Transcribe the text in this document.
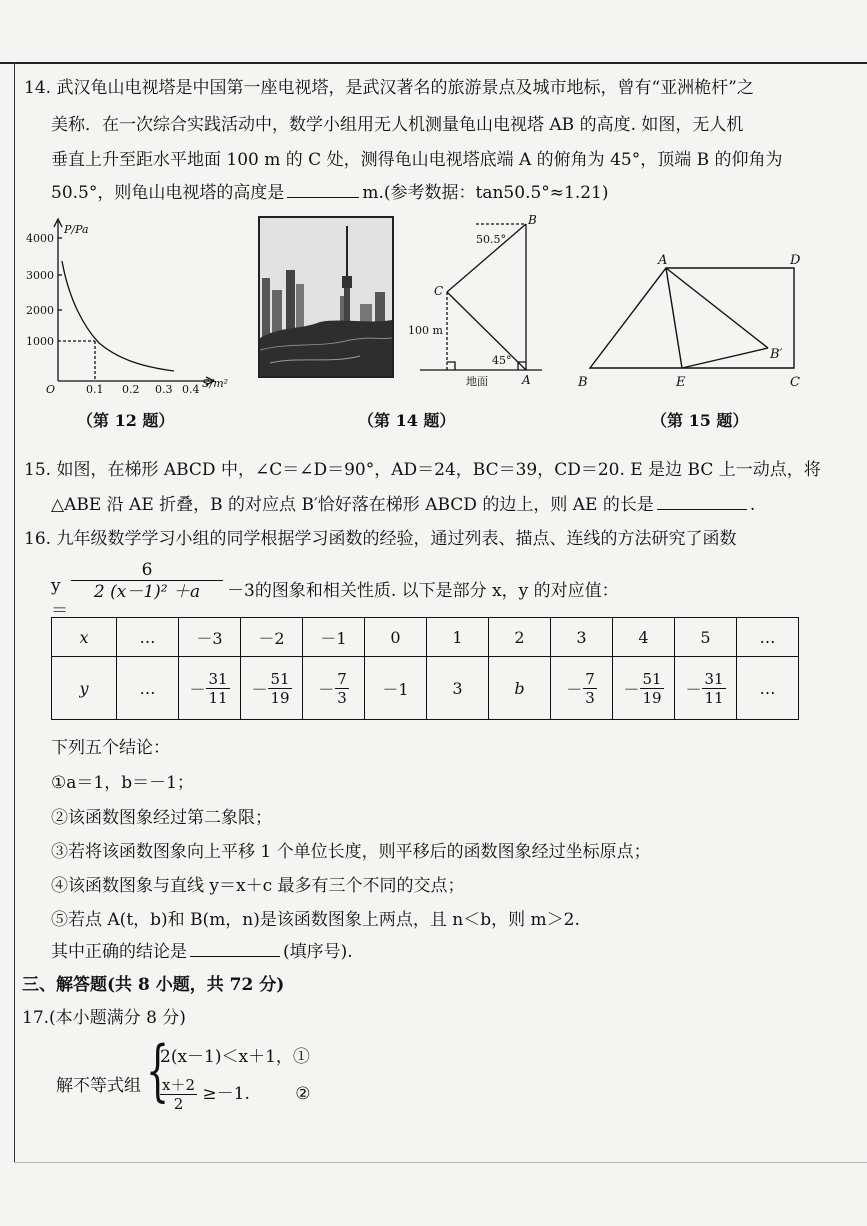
14. 武汉龟山电视塔是中国第一座电视塔，是武汉著名的旅游景点及城市地标，曾有“亚洲桅杆”之
美称．在一次综合实践活动中，数学小组用无人机测量龟山电视塔 AB 的高度. 如图，无人机
垂直上升至距水平地面 100 m 的 C 处，测得龟山电视塔底端 A 的俯角为 45°，顶端 B 的仰角为
50.5°，则龟山电视塔的高度是	m.(参考数据：tan50.5°≈1.21)
P/Pa
4000
3000
2000
1000
O	0.1 0.2 0.3 0.4 S/m²
（第 12 题）	（第 14 题）
B
C
A
50.5°
45°
100 m
地面
A	D
B	E	C
B′
（第 15 题）
15. 如图，在梯形 ABCD 中，∠C＝∠D＝90°，AD＝24，BC＝39，CD＝20. E 是边 BC 上一动点，将
△ABE 沿 AE 折叠，B 的对应点 B′恰好落在梯形 ABCD 的边上，则 AE 的长是	.
16. 九年级数学学习小组的同学根据学习函数的经验，通过列表、描点、连线的方法研究了函数
y＝
$\frac{6}{\text{2 (x－1)² ＋a}} -3$的图象和相关性质. 以下是部分 x，y 的对应值：
x	…	－3	－2	－1	0	1	2	3	4	5	…
y	…	－ $\frac{31}{11}$	－ $\frac{51}{19}$	－ $\frac{7}{3}$	－1	3	b	－ $\frac{7}{3}$	－ $\frac{51}{19}$	－ $\frac{31}{11}$	…
下列五个结论：
①a＝1，b＝－1；
②该函数图象经过第二象限；
③若将该函数图象向上平移 1 个单位长度，则平移后的函数图象经过坐标原点；
④该函数图象与直线 y＝x＋c 最多有三个不同的交点；
⑤若点 A(t，b)和 B(m，n)是该函数图象上两点，且 n＜b，则 m＞2.
其中正确的结论是	(填序号).
三、解答题(共 8 小题，共 72 分)
17.(本小题满分 8 分)
解不等式组 {
2(x－1)＜x＋1，①
$\frac{x+2}{2} \ge-1$.	②
